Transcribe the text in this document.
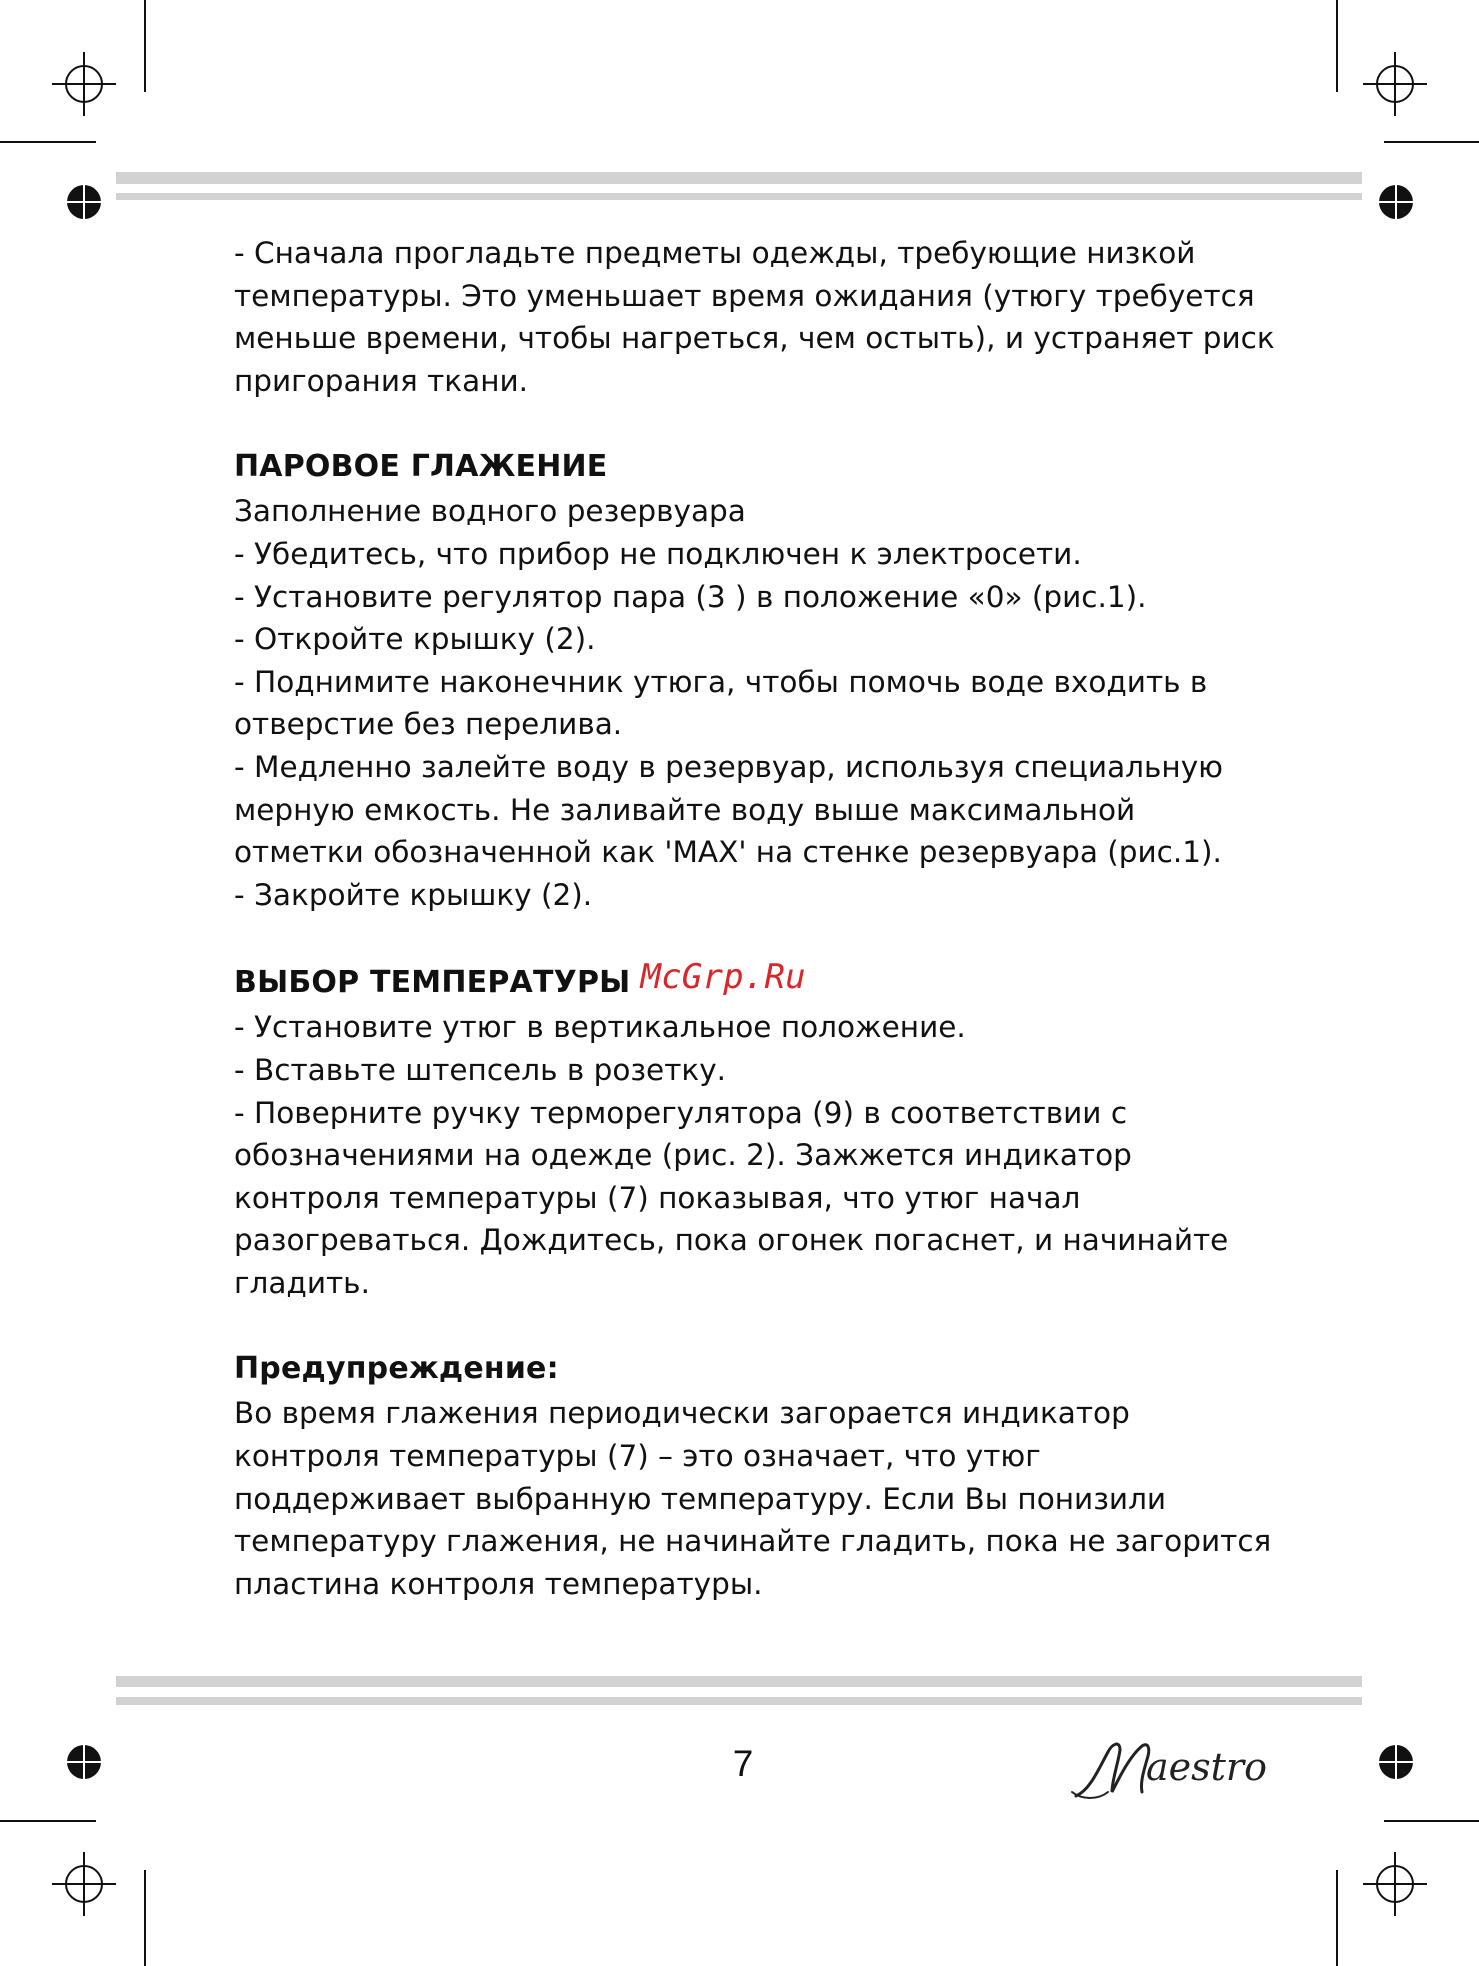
- Сначала прогладьте предметы одежды, требующие низкой

температуры. Это уменьшает время ожидания (утюгу требуется

меньше времени, чтобы нагреться, чем остыть), и устраняет риск

пригорания ткани.

ПАРОВОЕ ГЛАЖЕНИЕ

Заполнение водного резервуара

- Убедитесь, что прибор не подключен к электросети.

- Установите регулятор пара (3 ) в положение «0» (рис.1).

- Откройте крышку (2).

- Поднимите наконечник утюга, чтобы помочь воде входить в

отверстие без перелива.

- Медленно залейте воду в резервуар, используя специальную

мерную емкость. Не заливайте воду выше максимальной

отметки обозначенной как 'MAX' на стенке резервуара (рис.1).

- Закройте крышку (2).

ВЫБОР ТЕМПЕРАТУРЫ McGrp.Ru

- Установите утюг в вертикальное положение.

- Вставьте штепсель в розетку.

- Поверните ручку терморегулятора (9) в соответствии с

обозначениями на одежде (рис. 2). Зажжется индикатор

контроля температуры (7) показывая, что утюг начал

разогреваться. Дождитесь, пока огонек погаснет, и начинайте

гладить.

Предупреждение:

Во время глажения периодически загорается индикатор

контроля температуры (7) – это означает, что утюг

поддерживает выбранную температуру. Если Вы понизили

температуру глажения, не начинайте гладить, пока не загорится

пластина контроля температуры.

7	aestro
